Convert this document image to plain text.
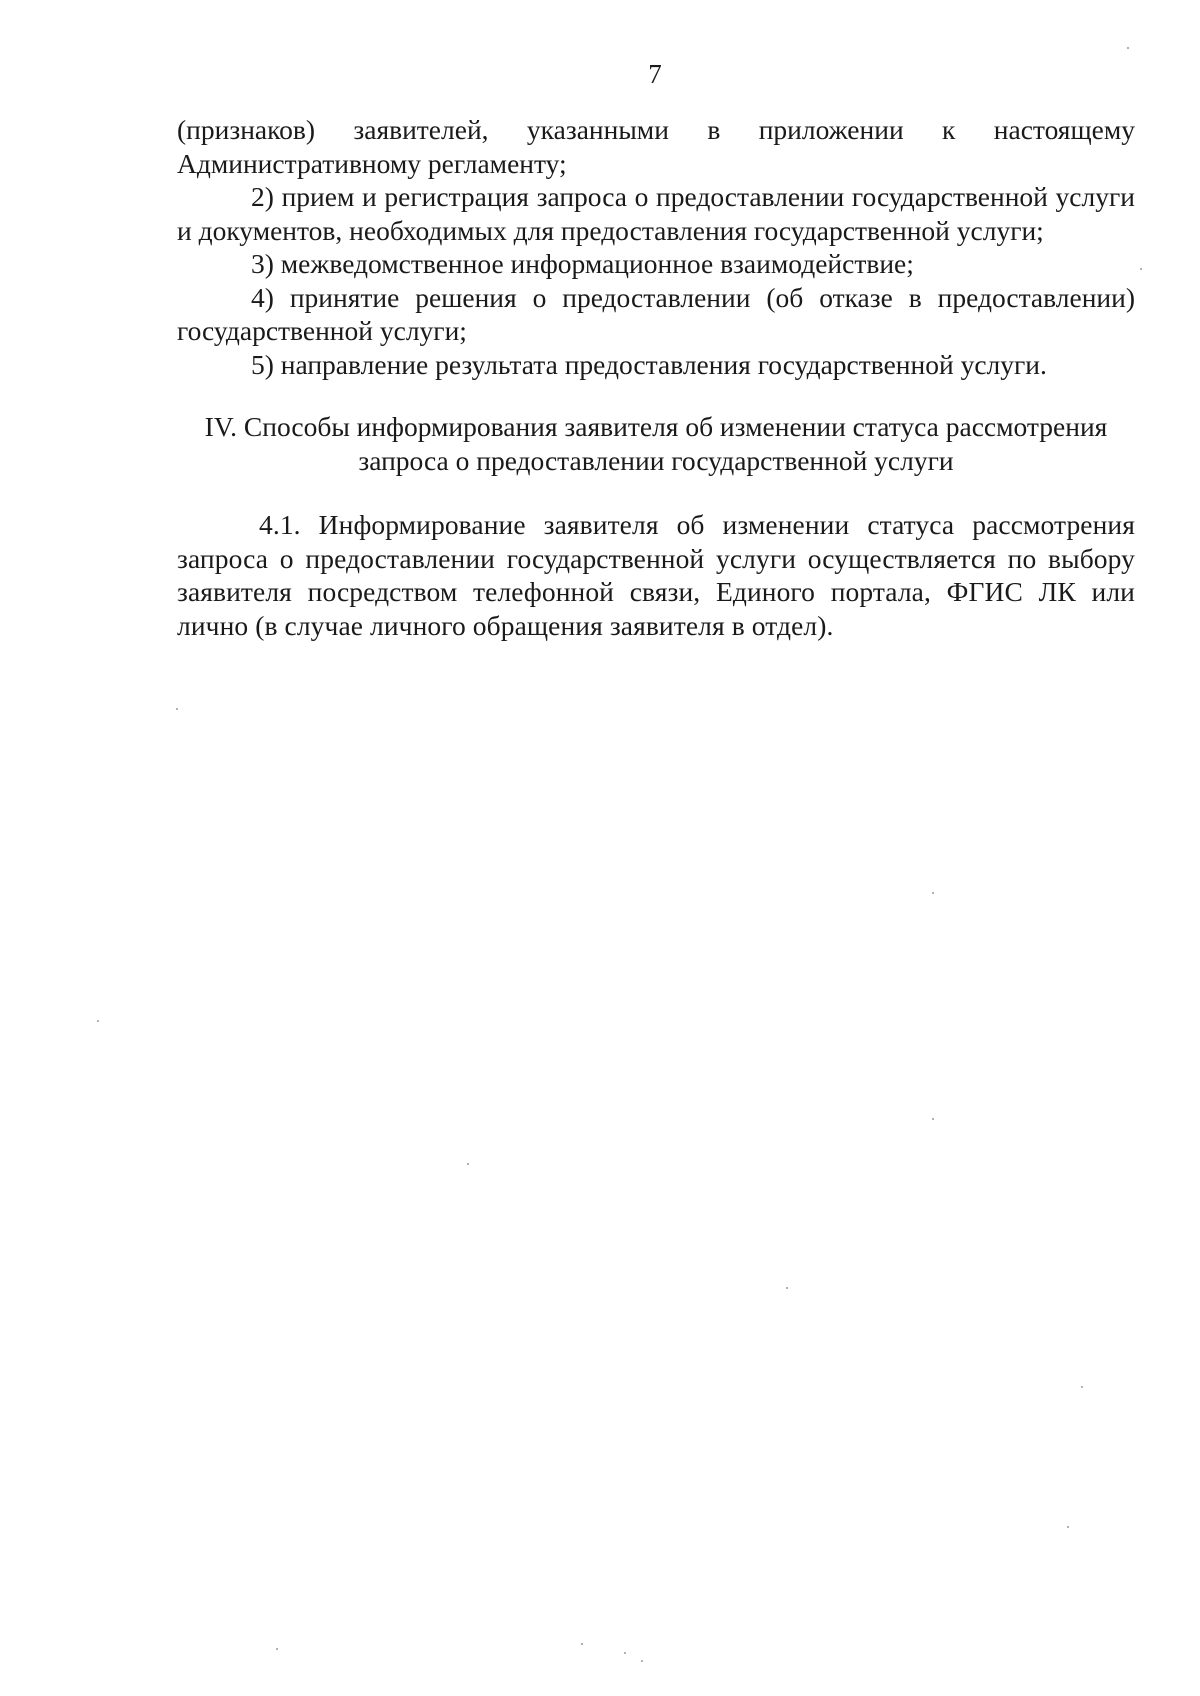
7

(признаков) заявителей, указанными в приложении к настоящему Административному регламенту;

2) прием и регистрация запроса о предоставлении государственной услуги и документов, необходимых для предоставления государственной услуги;

3) межведомственное информационное взаимодействие;

4) принятие решения о предоставлении (об отказе в предоставлении) государственной услуги;

5) направление результата предоставления государственной услуги.

IV. Способы информирования заявителя об изменении статуса рассмотрения
запроса о предоставлении государственной услуги

4.1. Информирование заявителя об изменении статуса рассмотрения запроса о предоставлении государственной услуги осуществляется по выбору заявителя посредством телефонной связи, Единого портала, ФГИС ЛК или лично (в случае личного обращения заявителя в отдел).
